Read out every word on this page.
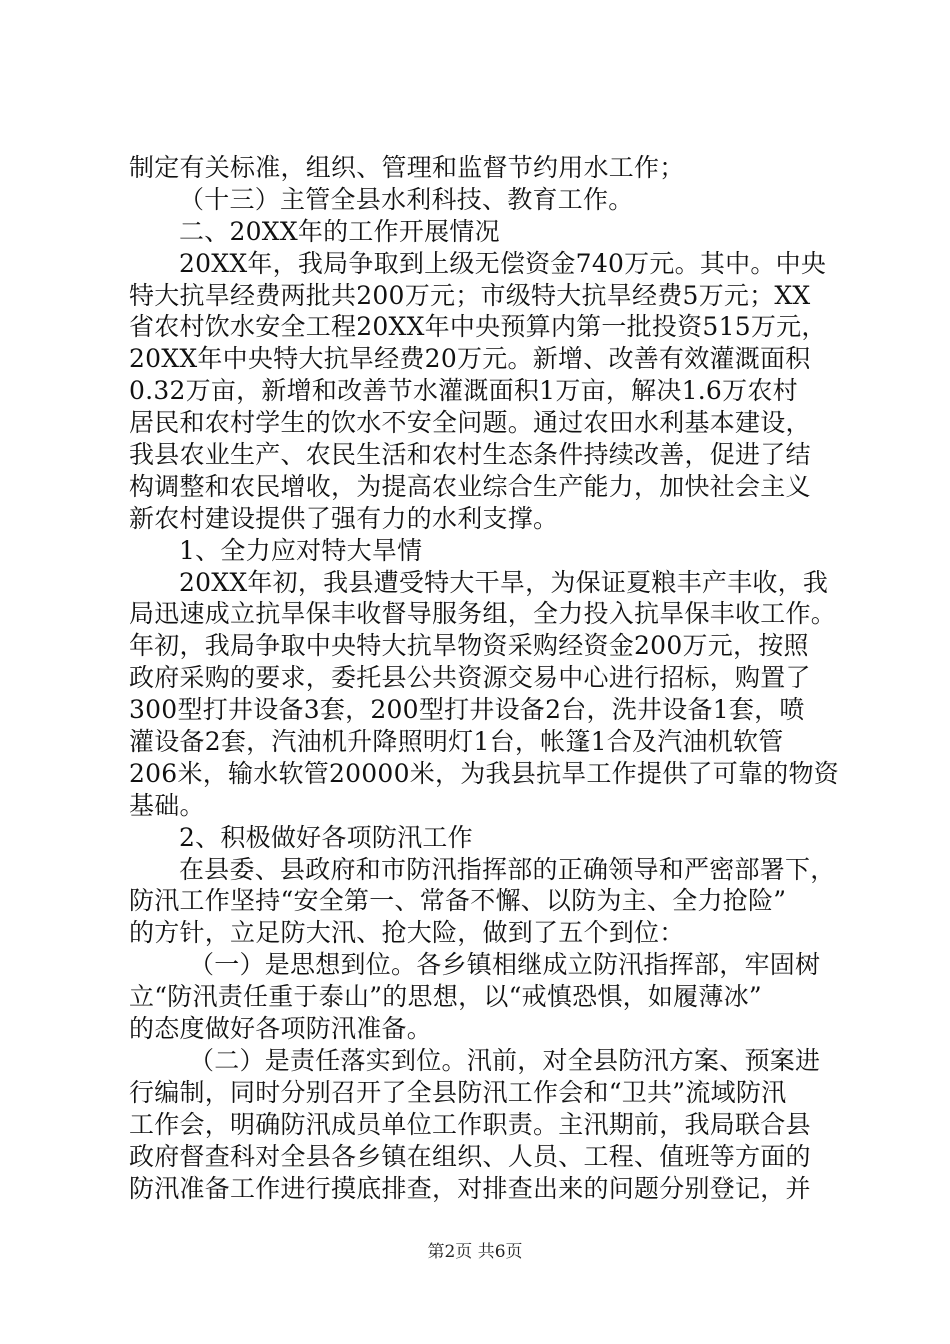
制定有关标准，组织、管理和监督节约用水工作；
（十三）主管全县水利科技、教育工作。
二、20XX年的工作开展情况
20XX年，我局争取到上级无偿资金740万元。其中。中央
特大抗旱经费两批共200万元；市级特大抗旱经费5万元；XX
省农村饮水安全工程20XX年中央预算内第一批投资515万元，
20XX年中央特大抗旱经费20万元。新增、改善有效灌溉面积
0.32万亩，新增和改善节水灌溉面积1万亩，解决1.6万农村
居民和农村学生的饮水不安全问题。通过农田水利基本建设，
我县农业生产、农民生活和农村生态条件持续改善，促进了结
构调整和农民增收，为提高农业综合生产能力，加快社会主义
新农村建设提供了强有力的水利支撑。
1、全力应对特大旱情
20XX年初，我县遭受特大干旱，为保证夏粮丰产丰收，我
局迅速成立抗旱保丰收督导服务组，全力投入抗旱保丰收工作。
年初，我局争取中央特大抗旱物资采购经资金200万元，按照
政府采购的要求，委托县公共资源交易中心进行招标，购置了
300型打井设备3套，200型打井设备2台，洗井设备1套，喷
灌设备2套，汽油机升降照明灯1台，帐篷1合及汽油机软管
206米，输水软管20000米，为我县抗旱工作提供了可靠的物资
基础。
2、积极做好各项防汛工作
在县委、县政府和市防汛指挥部的正确领导和严密部署下，
防汛工作坚持“安全第一、常备不懈、以防为主、全力抢险”
的方针，立足防大汛、抢大险，做到了五个到位：
（一）是思想到位。各乡镇相继成立防汛指挥部，牢固树
立“防汛责任重于泰山”的思想，以“戒慎恐惧，如履薄冰”
的态度做好各项防汛准备。
（二）是责任落实到位。汛前，对全县防汛方案、预案进
行编制，同时分别召开了全县防汛工作会和“卫共”流域防汛
工作会，明确防汛成员单位工作职责。主汛期前，我局联合县
政府督查科对全县各乡镇在组织、人员、工程、值班等方面的
防汛准备工作进行摸底排查，对排查出来的问题分别登记，并
第2页 共6页
